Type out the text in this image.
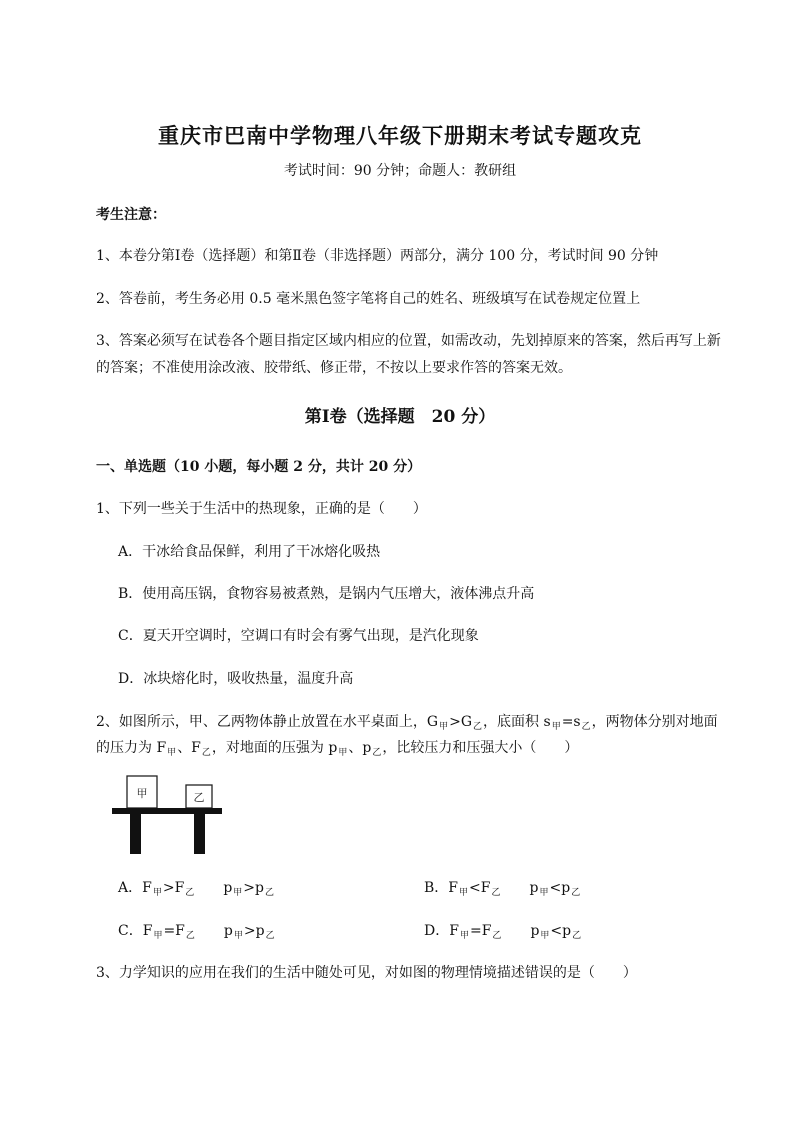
重庆市巴南中学物理八年级下册期末考试专题攻克
考试时间：90 分钟；命题人：教研组
考生注意：
1、本卷分第Ⅰ卷（选择题）和第Ⅱ卷（非选择题）两部分，满分 100 分，考试时间 90 分钟
2、答卷前，考生务必用 0.5 毫米黑色签字笔将自己的姓名、班级填写在试卷规定位置上
3、答案必须写在试卷各个题目指定区域内相应的位置，如需改动，先划掉原来的答案，然后再写上新
的答案；不准使用涂改液、胶带纸、修正带，不按以上要求作答的答案无效。
第Ⅰ卷（选择题　20 分）
一、单选题（10 小题，每小题 2 分，共计 20 分）
1、下列一些关于生活中的热现象，正确的是（　　）
A．干冰给食品保鲜，利用了干冰熔化吸热
B．使用高压锅，食物容易被煮熟，是锅内气压增大，液体沸点升高
C．夏天开空调时，空调口有时会有雾气出现，是汽化现象
D．冰块熔化时，吸收热量，温度升高
2、如图所示，甲、乙两物体静止放置在水平桌面上，$G_甲>G_乙$，底面积 $s_甲=s_乙$，两物体分别对地面
的压力为 $F_甲$、$F_乙$，对地面的压强为 $p_甲$、$p_乙$，比较压力和压强大小（　　）
甲	乙
A．$F_甲>F_乙$ $p_甲>p_乙$	B．$F_甲<F_乙$ $p_甲<p_乙$
C．$F_甲=F_乙$ $p_甲>p_乙$	D．$F_甲=F_乙$ $p_甲<p_乙$
3、力学知识的应用在我们的生活中随处可见，对如图的物理情境描述错误的是（　　）
